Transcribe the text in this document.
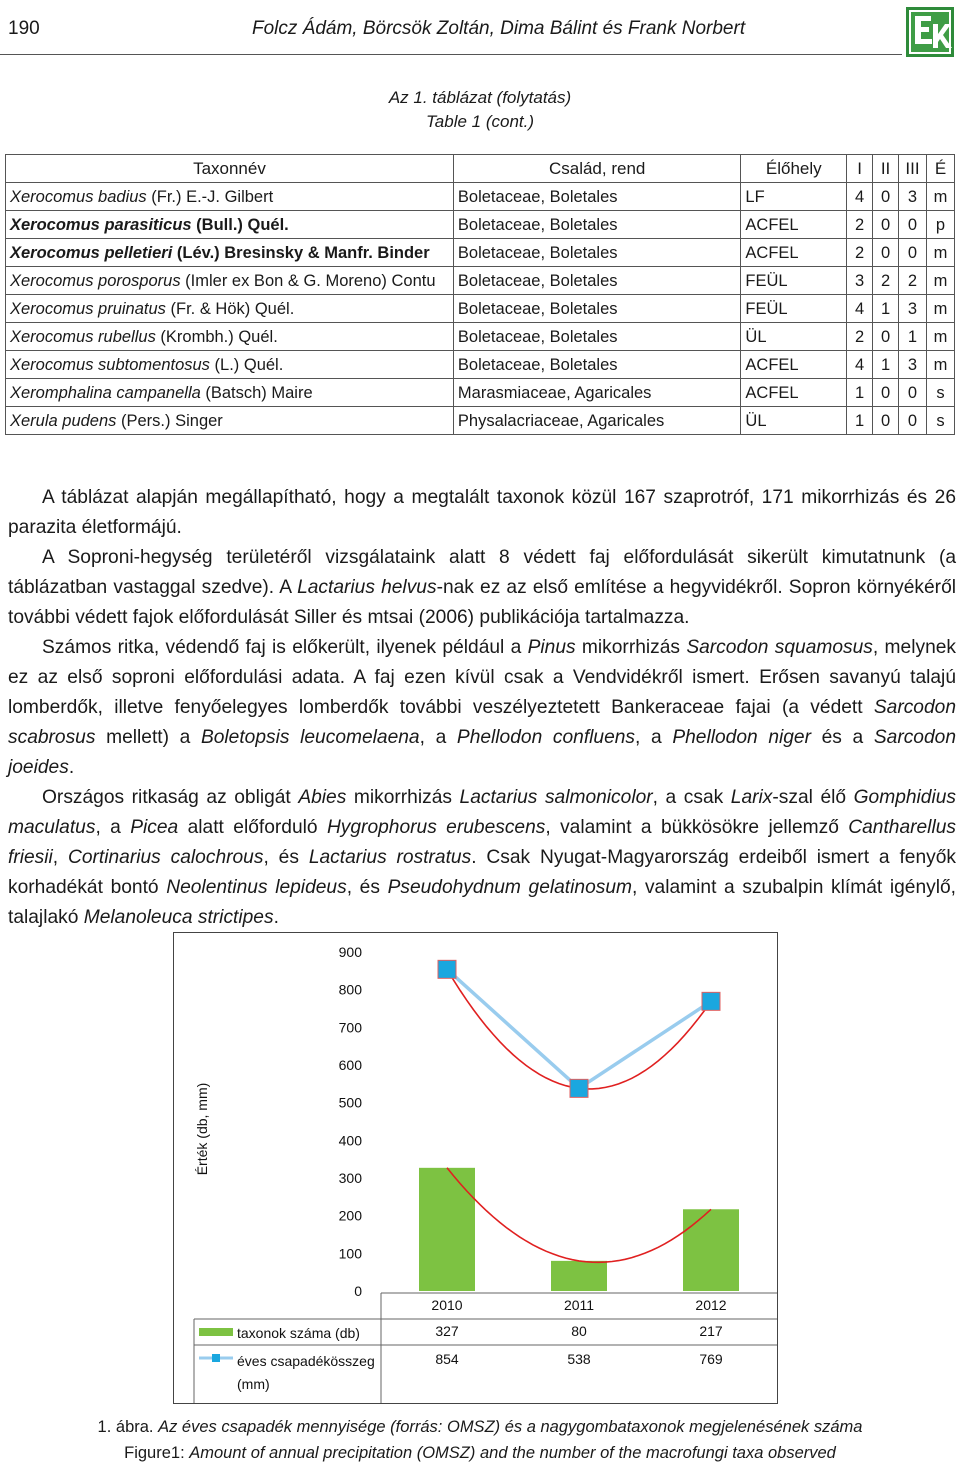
190	Folcz Ádám, Börcsök Zoltán, Dima Bálint és Frank Norbert
Az 1. táblázat (folytatás)
Table 1 (cont.)
Taxonnév	Család, rend	Élőhely	I	II	III	É
Xerocomus badius (Fr.) E.-J. Gilbert	Boletaceae, Boletales	LF	4	0	3	m
Xerocomus parasiticus (Bull.) Quél.	Boletaceae, Boletales	ACFEL	2	0	0	p
Xerocomus pelletieri (Lév.) Bresinsky & Manfr. Binder	Boletaceae, Boletales	ACFEL	2	0	0	m
Xerocomus porosporus (Imler ex Bon & G. Moreno) Contu	Boletaceae, Boletales	FEÜL	3	2	2	m
Xerocomus pruinatus (Fr. & Hök) Quél.	Boletaceae, Boletales	FEÜL	4	1	3	m
Xerocomus rubellus (Krombh.) Quél.	Boletaceae, Boletales	ÜL	2	0	1	m
Xerocomus subtomentosus (L.) Quél.	Boletaceae, Boletales	ACFEL	4	1	3	m
Xeromphalina campanella (Batsch) Maire	Marasmiaceae, Agaricales	ACFEL	1	0	0	s
Xerula pudens (Pers.) Singer	Physalacriaceae, Agaricales	ÜL	1	0	0	s

A táblázat alapján megállapítható, hogy a megtalált taxonok közül 167 szaprotróf, 171 mikorrhizás és 26 parazita életformájú.

A Soproni-hegység területéről vizsgálataink alatt 8 védett faj előfordulását sikerült kimutatnunk (a táblázatban vastaggal szedve). A Lactarius helvus-nak ez az első említése a hegyvidékről. Sopron környékéről további védett fajok előfordulását Siller és mtsai (2006) publikációja tartalmazza.

Számos ritka, védendő faj is előkerült, ilyenek például a Pinus mikorrhizás Sarcodon squamosus, melynek ez az első soproni előfordulási adata. A faj ezen kívül csak a Vendvidékről ismert. Erősen savanyú talajú lomberdők, illetve fenyőelegyes lomberdők további veszélyeztetett Bankeraceae fajai (a védett Sarcodon scabrosus mellett) a Boletopsis leucomelaena, a Phellodon confluens, a Phellodon niger és a Sarcodon joeides.

Országos ritkaság az obligát Abies mikorrhizás Lactarius salmonicolor, a csak Larix-szal élő Gomphidius maculatus, a Picea alatt előforduló Hygrophorus erubescens, valamint a bükkösökre jellemző Cantharellus friesii, Cortinarius calochrous, és Lactarius rostratus. Csak Nyugat-Magyarország erdeiből ismert a fenyők korhadékát bontó Neolentinus lepideus, és Pseudohydnum gelatinosum, valamint a szubalpin klímát igénylő, talajlakó Melanoleuca strictipes.

0
100
200
300
400
500
600
700
800
900
Érték (db, mm)
2010	2011	2012
taxonok száma (db)	327	80	217
éves csapadékösszeg
(mm)
854	538	769
1. ábra. Az éves csapadék mennyisége (forrás: OMSZ) és a nagygombataxonok megjelenésének száma
Figure1: Amount of annual precipitation (OMSZ) and the number of the macrofungi taxa observed
